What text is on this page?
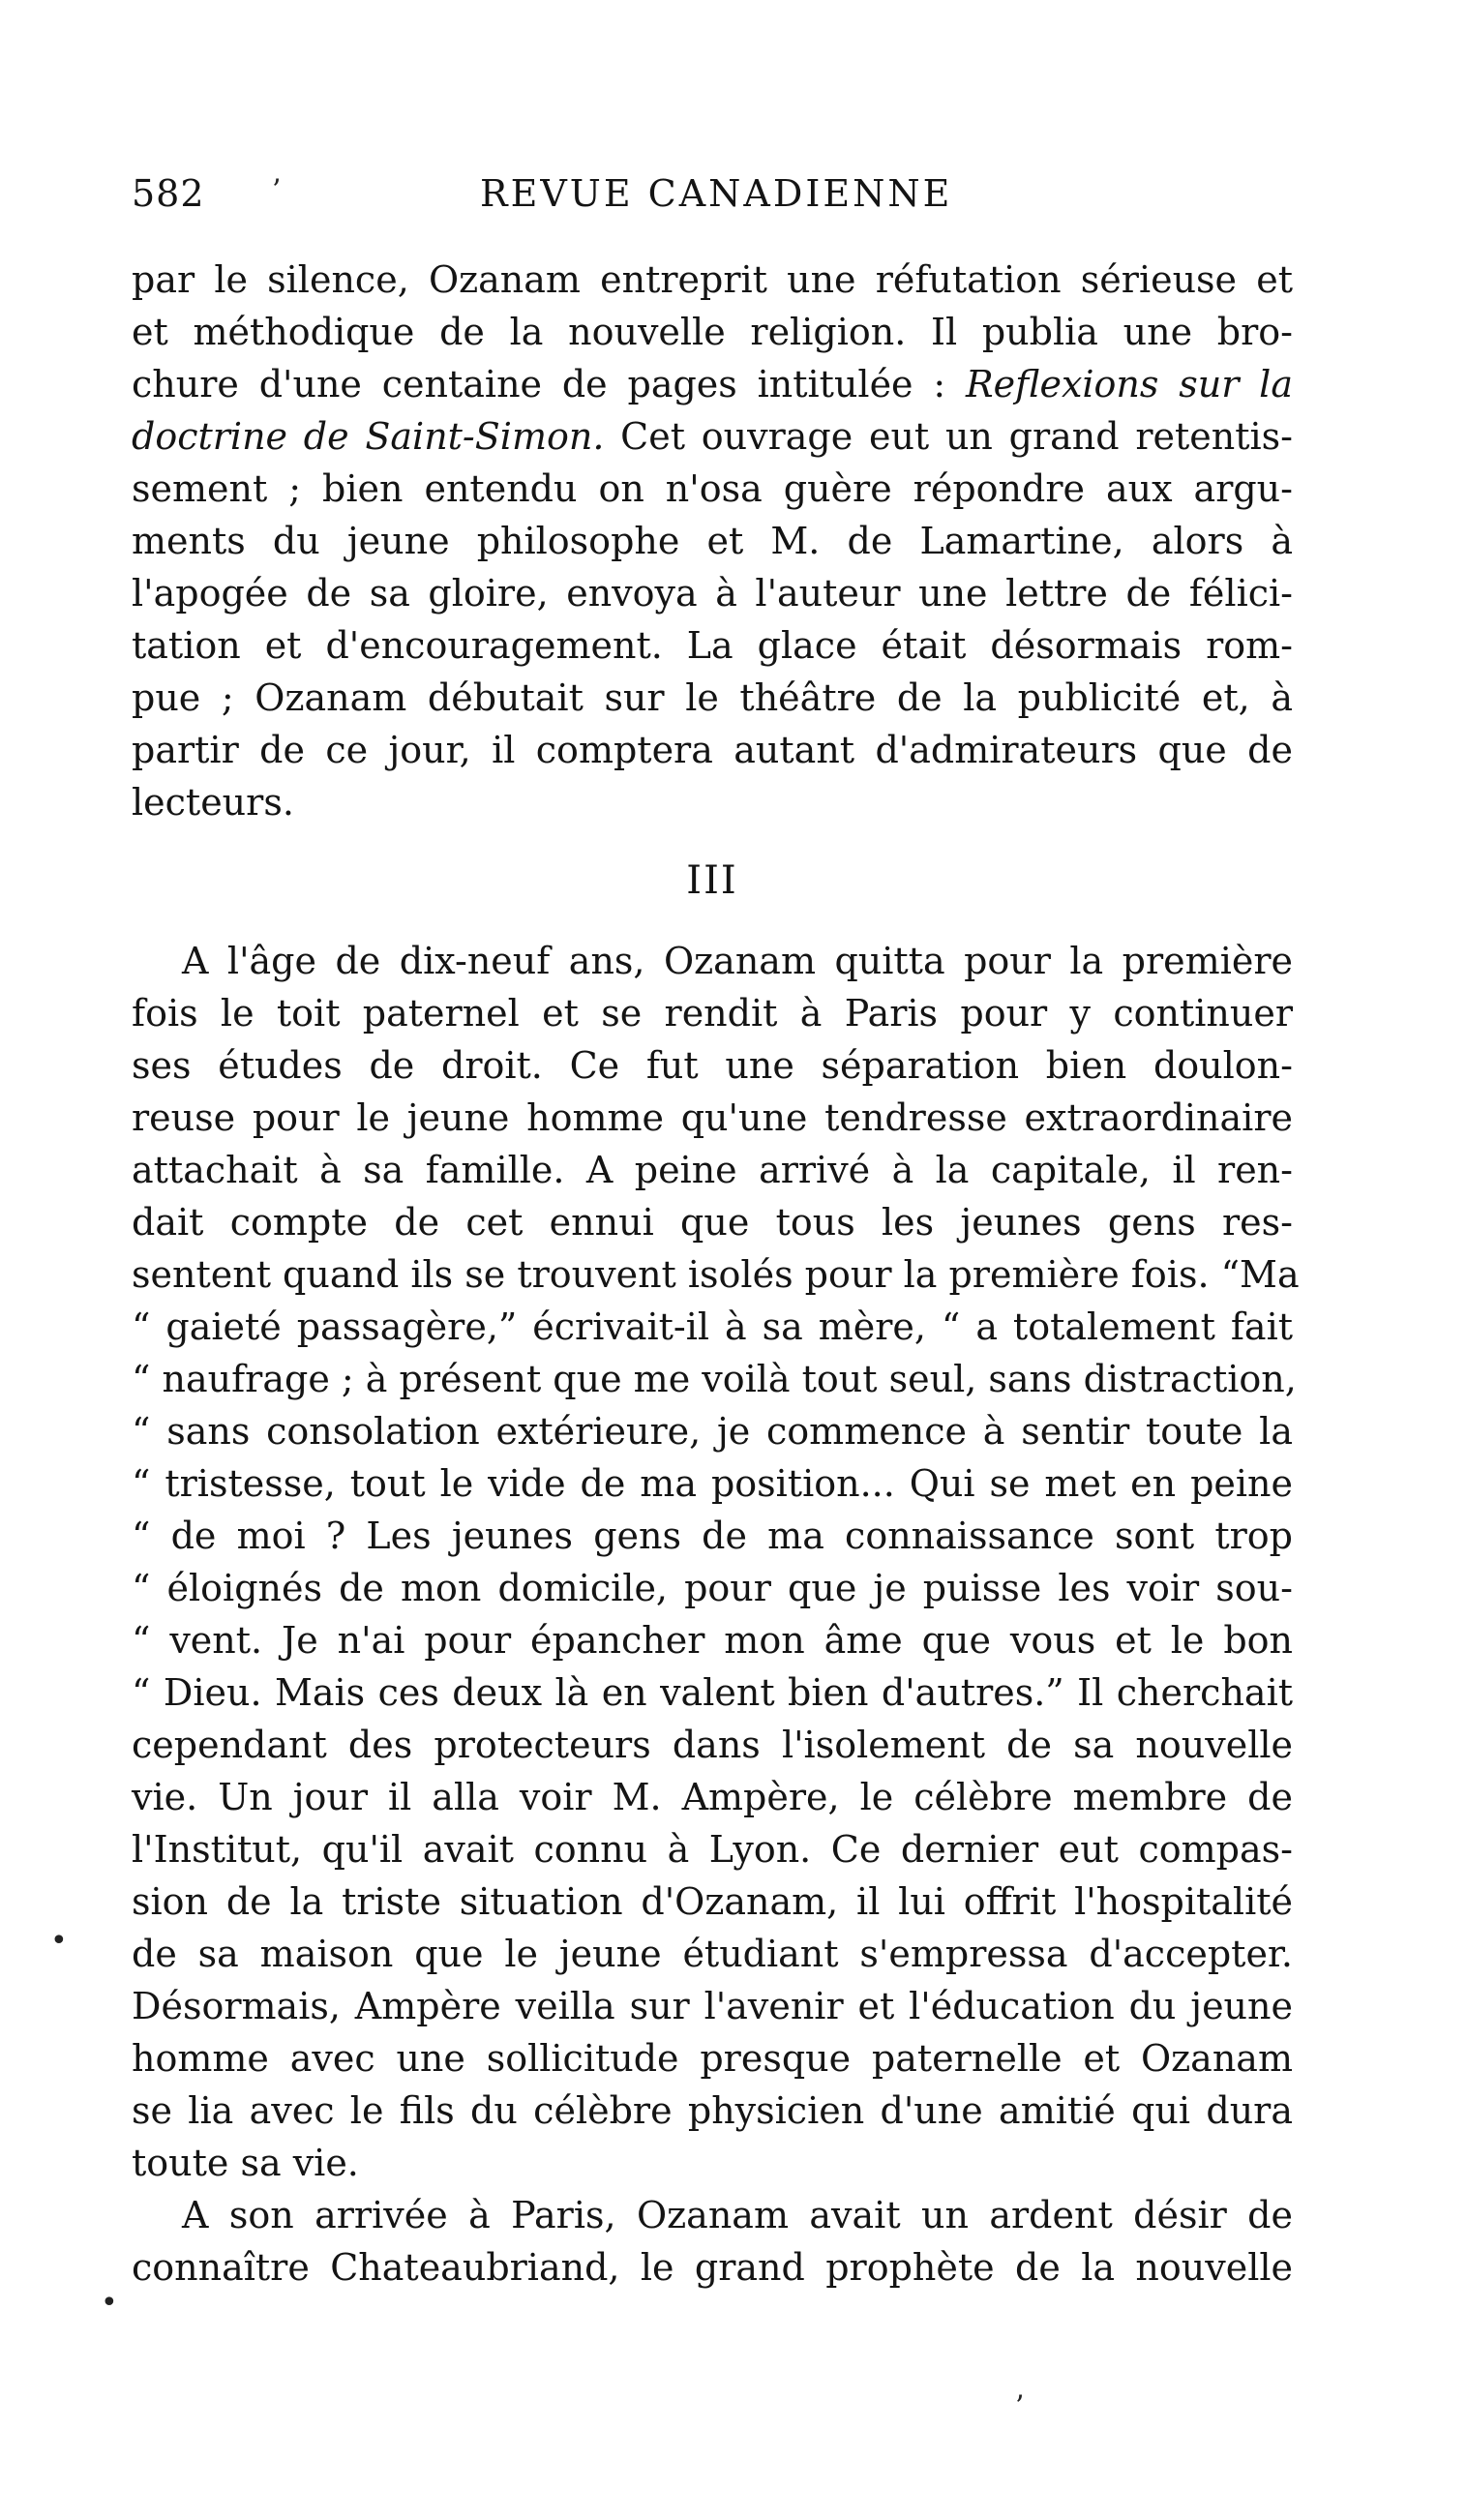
582	REVUE CANADIENNE
ʼ
par le silence, Ozanam entreprit une réfutation sérieuse et
et méthodique de la nouvelle religion. Il publia une bro-
chure d'une centaine de pages intitulée : Reflexions sur la
doctrine de Saint-Simon. Cet ouvrage eut un grand retentis-
sement ; bien entendu on n'osa guère répondre aux argu-
ments du jeune philosophe et M. de Lamartine, alors à
l'apogée de sa gloire, envoya à l'auteur une lettre de félici-
tation et d'encouragement. La glace était désormais rom-
pue ; Ozanam débutait sur le théâtre de la publicité et, à
partir de ce jour, il comptera autant d'admirateurs que de
lecteurs.
III
A l'âge de dix-neuf ans, Ozanam quitta pour la première
fois le toit paternel et se rendit à Paris pour y continuer
ses études de droit. Ce fut une séparation bien doulon-
reuse pour le jeune homme qu'une tendresse extraordinaire
attachait à sa famille. A peine arrivé à la capitale, il ren-
dait compte de cet ennui que tous les jeunes gens res-
sentent quand ils se trouvent isolés pour la première fois. “Ma
“ gaieté passagère,” écrivait-il à sa mère, “ a totalement fait
“ naufrage ; à présent que me voilà tout seul, sans distraction,
“ sans consolation extérieure, je commence à sentir toute la
“ tristesse, tout le vide de ma position... Qui se met en peine
“ de moi ? Les jeunes gens de ma connaissance sont trop
“ éloignés de mon domicile, pour que je puisse les voir sou-
“ vent. Je n'ai pour épancher mon âme que vous et le bon
“ Dieu. Mais ces deux là en valent bien d'autres.” Il cherchait
cependant des protecteurs dans l'isolement de sa nouvelle
vie. Un jour il alla voir M. Ampère, le célèbre membre de
l'Institut, qu'il avait connu à Lyon. Ce dernier eut compas-
sion de la triste situation d'Ozanam, il lui offrit l'hospitalité
de sa maison que le jeune étudiant s'empressa d'accepter.
Désormais, Ampère veilla sur l'avenir et l'éducation du jeune
homme avec une sollicitude presque paternelle et Ozanam
se lia avec le fils du célèbre physicien d'une amitié qui dura
toute sa vie.
A son arrivée à Paris, Ozanam avait un ardent désir de
connaître Chateaubriand, le grand prophète de la nouvelle
•
•
ʼ
